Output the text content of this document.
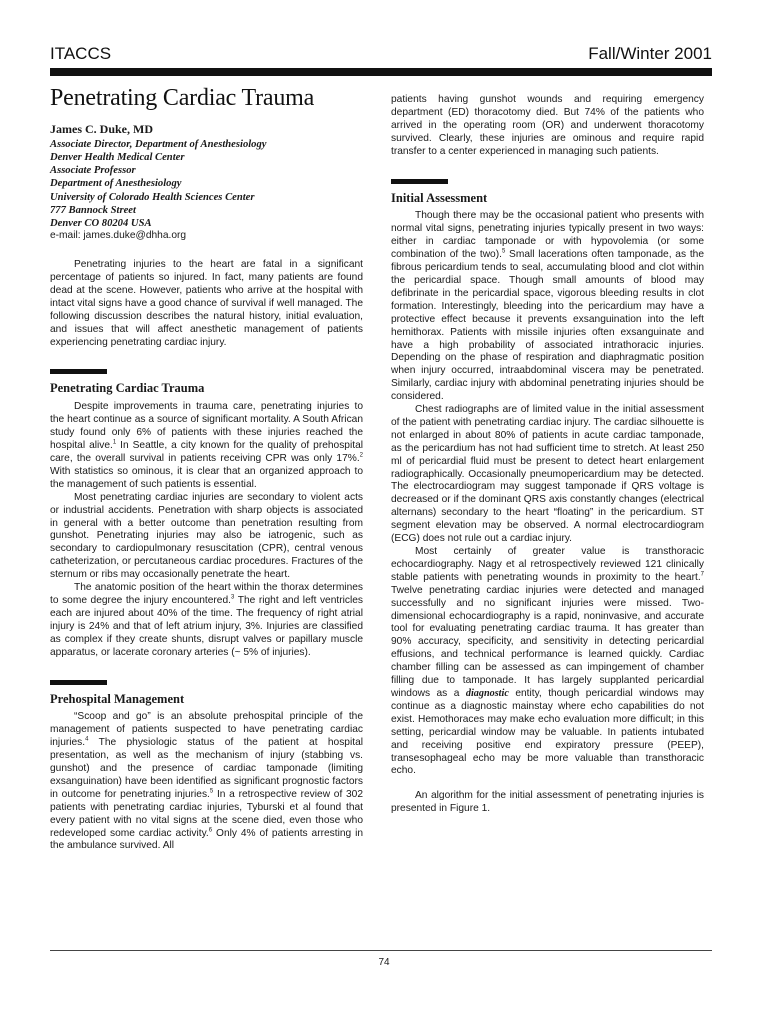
ITACCS	Fall/Winter 2001
Penetrating Cardiac Trauma
James C. Duke, MD
Associate Director, Department of Anesthesiology
Denver Health Medical Center
Associate Professor
Department of Anesthesiology
University of Colorado Health Sciences Center
777 Bannock Street
Denver CO 80204 USA
e-mail: james.duke@dhha.org

Penetrating injuries to the heart are fatal in a significant percentage of patients so injured. In fact, many patients are found dead at the scene. However, patients who arrive at the hospital with intact vital signs have a good chance of survival if well managed. The following discussion describes the natural history, initial evaluation, and issues that will affect anesthetic management of patients experiencing penetrating cardiac injury.

Penetrating Cardiac Trauma

Despite improvements in trauma care, penetrating injuries to the heart continue as a source of significant mortality. A South African study found only 6% of patients with these injuries reached the hospital alive.$^1$ In Seattle, a city known for the quality of prehospital care, the overall survival in patients receiving CPR was only 17%.$^2$ With statistics so ominous, it is clear that an organized approach to the management of such patients is essential.

Most penetrating cardiac injuries are secondary to violent acts or industrial accidents. Penetration with sharp objects is associated in general with a better outcome than penetration resulting from gunshot. Penetrating injuries may also be iatrogenic, such as secondary to cardiopulmonary resuscitation (CPR), central venous catheterization, or percutaneous cardiac procedures. Fractures of the sternum or ribs may occasionally penetrate the heart.

The anatomic position of the heart within the thorax determines to some degree the injury encountered.$^3$ The right and left ventricles each are injured about 40% of the time. The frequency of right atrial injury is 24% and that of left atrium injury, 3%. Injuries are classified as complex if they create shunts, disrupt valves or papillary muscle apparatus, or lacerate coronary arteries (~ 5% of injuries).

Prehospital Management

“Scoop and go” is an absolute prehospital principle of the management of patients suspected to have penetrating cardiac injuries.$^4$ The physiologic status of the patient at hospital presentation, as well as the mechanism of injury (stabbing vs. gunshot) and the presence of cardiac tamponade (limiting exsanguination) have been identified as significant prognostic factors in outcome for penetrating injuries.$^5$ In a retrospective review of 302 patients with penetrating cardiac injuries, Tyburski et al found that every patient with no vital signs at the scene died, even those who redeveloped some cardiac activity.$^6$ Only 4% of patients arresting in the ambulance survived. All

patients having gunshot wounds and requiring emergency department (ED) thoracotomy died. But 74% of the patients who arrived in the operating room (OR) and underwent thoracotomy survived. Clearly, these injuries are ominous and require rapid transfer to a center experienced in managing such patients.

Initial Assessment

Though there may be the occasional patient who presents with normal vital signs, penetrating injuries typically present in two ways: either in cardiac tamponade or with hypovolemia (or some combination of the two).$^5$ Small lacerations often tamponade, as the fibrous pericardium tends to seal, accumulating blood and clot within the pericardial space. Though small amounts of blood may defibrinate in the pericardial space, vigorous bleeding results in clot formation. Interestingly, bleeding into the pericardium may have a protective effect because it prevents exsanguination into the left hemithorax. Patients with missile injuries often exsanguinate and have a high probability of associated intrathoracic injuries. Depending on the phase of respiration and diaphragmatic position when injury occurred, intraabdominal viscera may be penetrated. Similarly, cardiac injury with abdominal penetrating injuries should be considered.

Chest radiographs are of limited value in the initial assessment of the patient with penetrating cardiac injury. The cardiac silhouette is not enlarged in about 80% of patients in acute cardiac tamponade, as the pericardium has not had sufficient time to stretch. At least 250 ml of pericardial fluid must be present to detect heart enlargement radiographically. Occasionally pneumopericardium may be detected. The electrocardiogram may suggest tamponade if QRS voltage is decreased or if the dominant QRS axis constantly changes (electrical alternans) secondary to the heart “floating” in the pericardium. ST segment elevation may be observed. A normal electrocardiogram (ECG) does not rule out a cardiac injury.

Most certainly of greater value is transthoracic echocardiography. Nagy et al retrospectively reviewed 121 clinically stable patients with penetrating wounds in proximity to the heart.$^7$ Twelve penetrating cardiac injuries were detected and managed successfully and no significant injuries were missed. Two-dimensional echocardiography is a rapid, noninvasive, and accurate tool for evaluating penetrating cardiac trauma. It has greater than 90% accuracy, specificity, and sensitivity in detecting pericardial effusions, and technical performance is learned quickly. Cardiac chamber filling can be assessed as can impingement of chamber filling due to tamponade. It has largely supplanted pericardial windows as a diagnostic entity, though pericardial windows may continue as a diagnostic mainstay where echo capabilities do not exist. Hemothoraces may make echo evaluation more difficult; in this setting, pericardial window may be valuable. In patients intubated and receiving positive end expiratory pressure (PEEP), transesophageal echo may be more valuable than transthoracic echo.

An algorithm for the initial assessment of penetrating injuries is presented in Figure 1.

74
